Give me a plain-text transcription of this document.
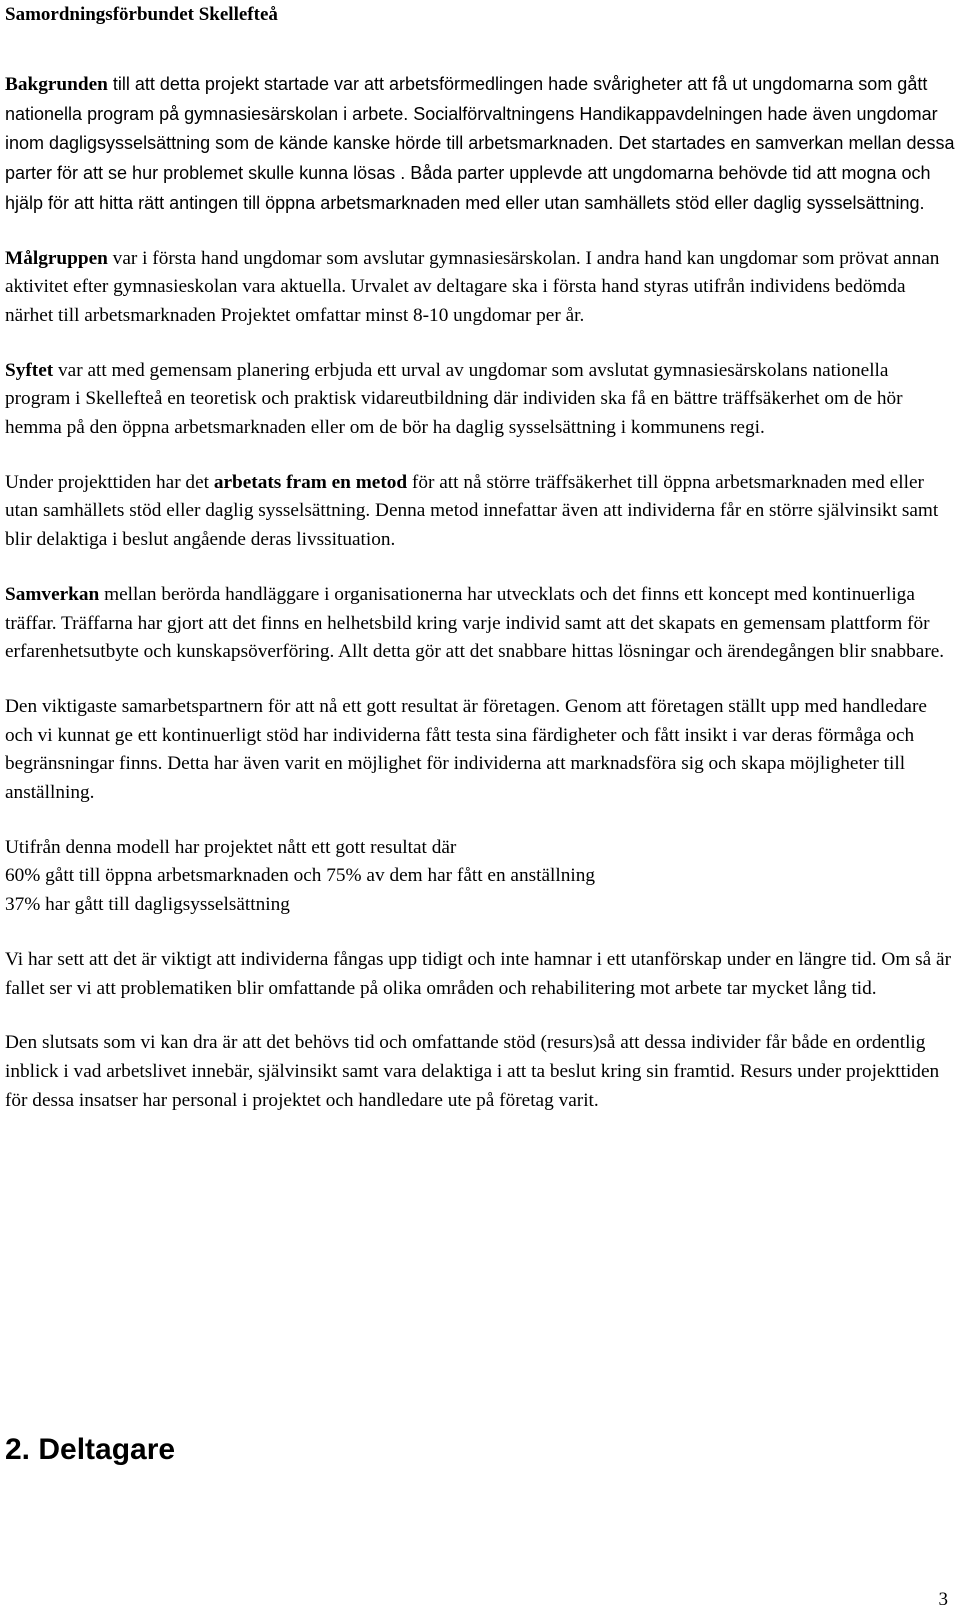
Samordningsförbundet Skellefteå

Bakgrunden till att detta projekt startade var att arbetsförmedlingen hade svårigheter att få ut ungdomarna som gått nationella program på gymnasiesärskolan i arbete. Socialförvaltningens Handikappavdelningen hade även ungdomar inom dagligsysselsättning som de kände kanske hörde till arbetsmarknaden. Det startades en samverkan mellan dessa parter för att se hur problemet skulle kunna lösas . Båda parter upplevde att ungdomarna behövde tid att mogna och hjälp för att hitta rätt antingen till öppna arbetsmarknaden med eller utan samhällets stöd eller daglig sysselsättning.

Målgruppen var i första hand ungdomar som avslutar gymnasiesärskolan. I andra hand kan ungdomar som prövat annan aktivitet efter gymnasieskolan vara aktuella. Urvalet av deltagare ska i första hand styras utifrån individens bedömda närhet till arbetsmarknaden Projektet omfattar minst 8-10 ungdomar per år.

Syftet var att med gemensam planering erbjuda ett urval av ungdomar som avslutat gymnasiesärskolans nationella program i Skellefteå en teoretisk och praktisk vidareutbildning där individen ska få en bättre träffsäkerhet om de hör hemma på den öppna arbetsmarknaden eller om de bör ha daglig sysselsättning i kommunens regi.

Under projekttiden har det arbetats fram en metod för att nå större träffsäkerhet till öppna arbetsmarknaden med eller utan samhällets stöd eller daglig sysselsättning. Denna metod innefattar även att individerna får en större självinsikt samt blir delaktiga i beslut angående deras livssituation.

Samverkan mellan berörda handläggare i organisationerna har utvecklats och det finns ett koncept med kontinuerliga träffar. Träffarna har gjort att det finns en helhetsbild kring varje individ samt att det skapats en gemensam plattform för erfarenhetsutbyte och kunskapsöverföring. Allt detta gör att det snabbare hittas lösningar och ärendegången blir snabbare.

Den viktigaste samarbetspartnern för att nå ett gott resultat är företagen. Genom att företagen ställt upp med handledare och vi kunnat ge ett kontinuerligt stöd har individerna fått testa sina färdigheter och fått insikt i var deras förmåga och begränsningar finns. Detta har även varit en möjlighet för individerna att marknadsföra sig och skapa möjligheter till anställning.

Utifrån denna modell har projektet nått ett gott resultat där
60% gått till öppna arbetsmarknaden och 75% av dem har fått en anställning
37% har gått till dagligsysselsättning

Vi har sett att det är viktigt att individerna fångas upp tidigt och inte hamnar i ett utanförskap under en längre tid. Om så är fallet ser vi att problematiken blir omfattande på olika områden och rehabilitering mot arbete tar mycket lång tid.

Den slutsats som vi kan dra är att det behövs tid och omfattande stöd (resurs)så att dessa individer får både en ordentlig inblick i vad arbetslivet innebär, självinsikt samt vara delaktiga i att ta beslut kring sin framtid. Resurs under projekttiden för dessa insatser har personal i projektet och handledare ute på företag varit.

2. Deltagare
3
